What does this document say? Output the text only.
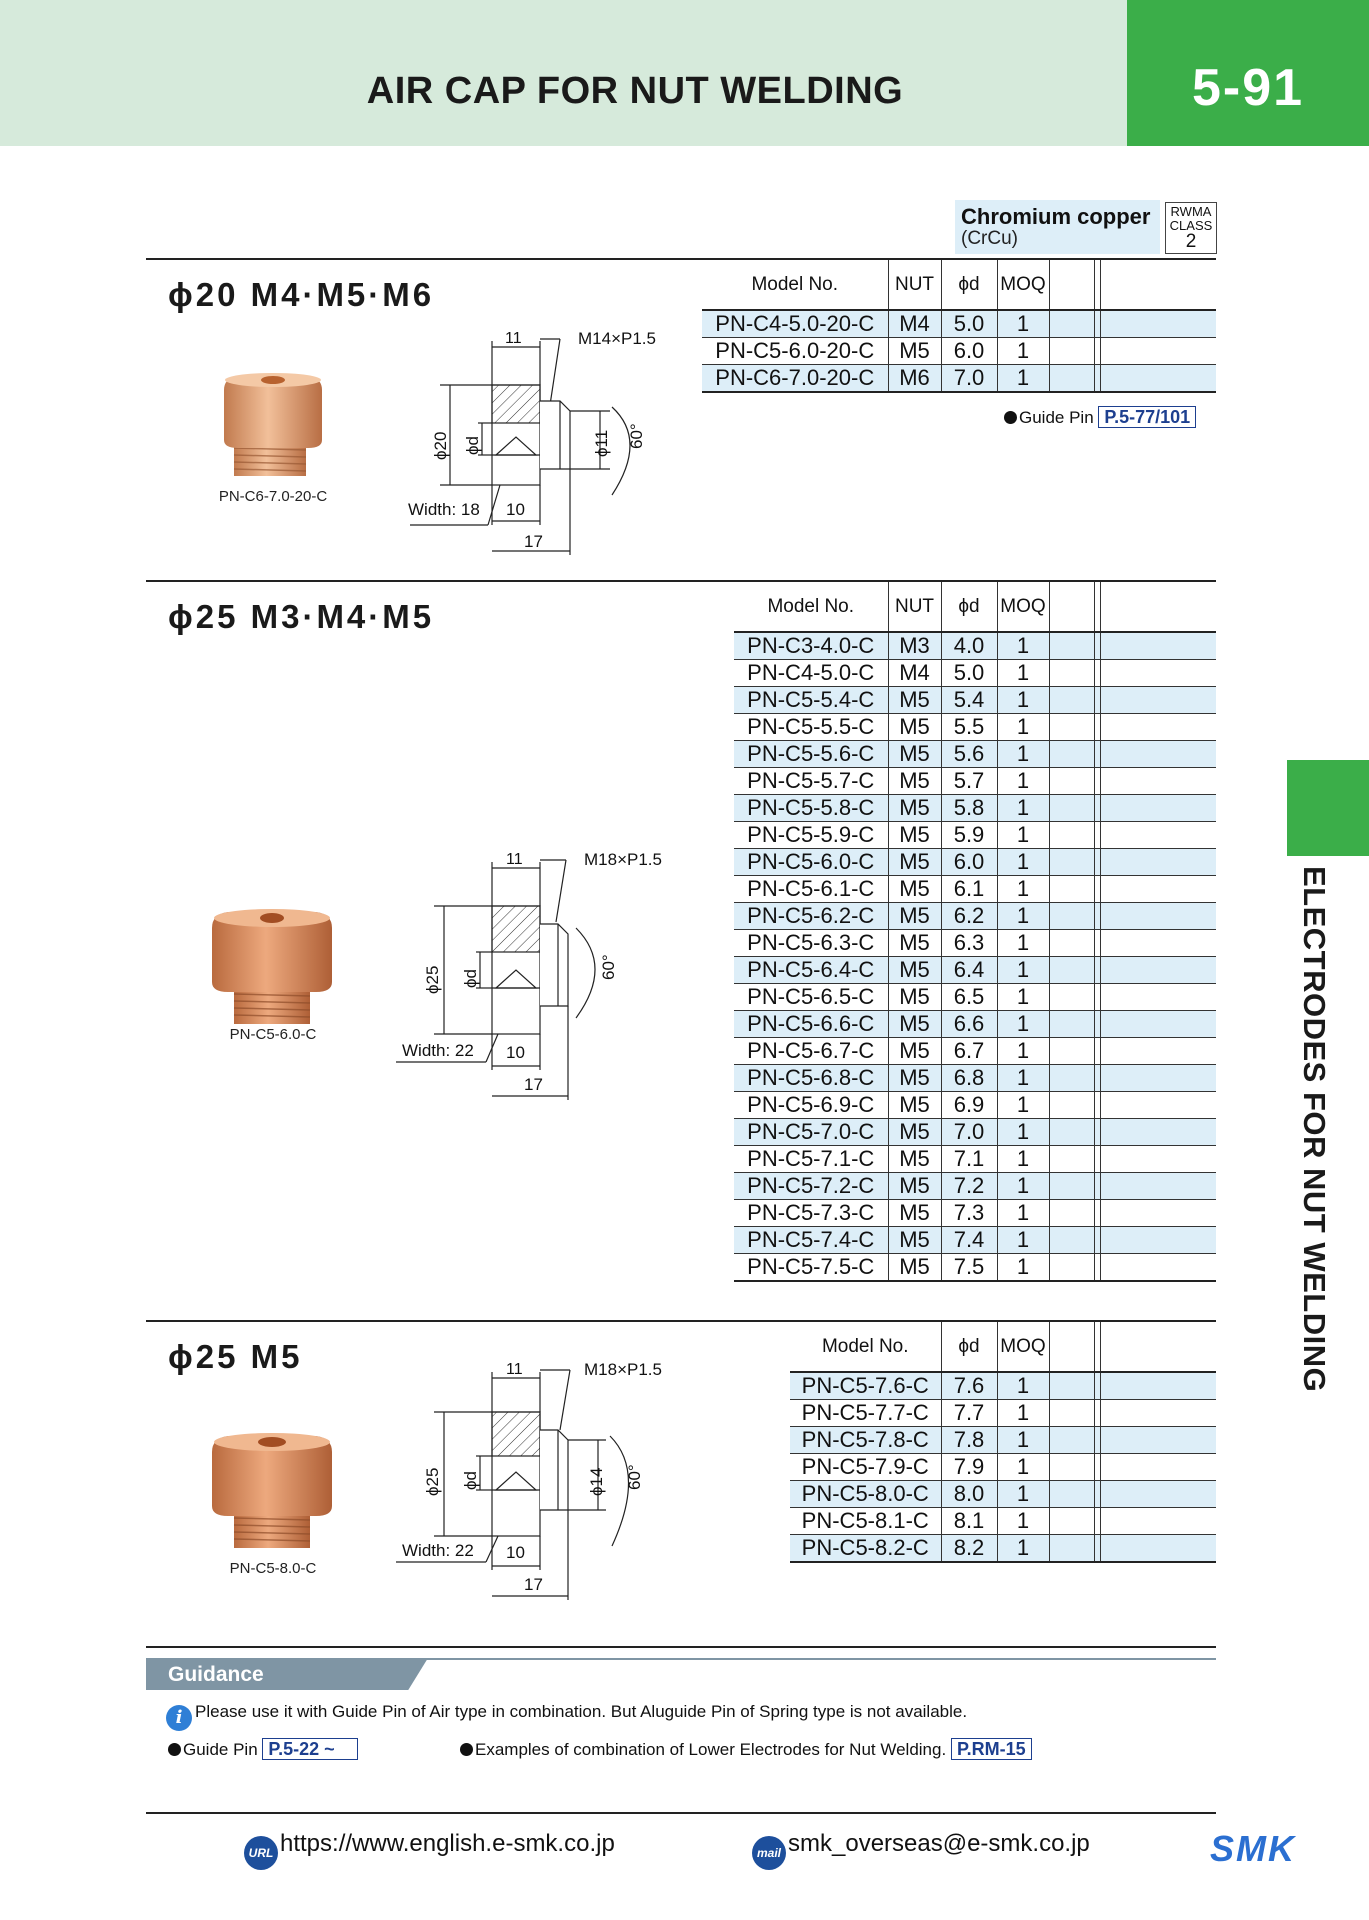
AIR CAP FOR NUT WELDING	5-91
ELECTRODES FOR NUT WELDING
Chromium copper
(CrCu)
RWMA
CLASS
2
ϕ20 M4·M5·M6	Model No.	NUT	ϕd	MOQ			
PN-C4-5.0-20-C	M4	5.0	1			
PN-C5-6.0-20-C	M5	6.0	1			
PN-C6-7.0-20-C	M6	7.0	1			
Guide Pin P.5-77/101
PN-C6-7.0-20-C
11	M14×P1.5
ϕ20 ϕd	ϕ11 60°
Width: 18 10
17
ϕ25 M3·M4·M5	Model No.	NUT	ϕd	MOQ			
PN-C3-4.0-C	M3	4.0	1			
PN-C4-5.0-C	M4	5.0	1			
PN-C5-5.4-C	M5	5.4	1			
PN-C5-5.5-C	M5	5.5	1			
PN-C5-5.6-C	M5	5.6	1			
PN-C5-5.7-C	M5	5.7	1			
PN-C5-5.8-C	M5	5.8	1			
PN-C5-5.9-C	M5	5.9	1			
PN-C5-6.0-C	M5	6.0	1			
PN-C5-6.1-C	M5	6.1	1			
PN-C5-6.2-C	M5	6.2	1			
PN-C5-6.3-C	M5	6.3	1			
PN-C5-6.4-C	M5	6.4	1			
PN-C5-6.5-C	M5	6.5	1			
PN-C5-6.6-C	M5	6.6	1			
PN-C5-6.7-C	M5	6.7	1			
PN-C5-6.8-C	M5	6.8	1			
PN-C5-6.9-C	M5	6.9	1			
PN-C5-7.0-C	M5	7.0	1			
PN-C5-7.1-C	M5	7.1	1			
PN-C5-7.2-C	M5	7.2	1			
PN-C5-7.3-C	M5	7.3	1			
PN-C5-7.4-C	M5	7.4	1			
PN-C5-7.5-C	M5	7.5	1			
PN-C5-6.0-C
11	M18×P1.5
ϕ25 ϕd	60°
Width: 22 10
17
ϕ25 M5	Model No.	ϕd	MOQ			
PN-C5-7.6-C	7.6	1			
PN-C5-7.7-C	7.7	1			
PN-C5-7.8-C	7.8	1			
PN-C5-7.9-C	7.9	1			
PN-C5-8.0-C	8.0	1			
PN-C5-8.1-C	8.1	1			
PN-C5-8.2-C	8.2	1			
PN-C5-8.0-C
11	M18×P1.5
ϕ25 ϕd	ϕ14 60°
Width: 22 10
17
Guidance
i Please use it with Guide Pin of Air type in combination. But Aluguide Pin of Spring type is not available.
Guide Pin P.5-22 ~	Examples of combination of Lower Electrodes for Nut Welding. P.RM-15
URL https://www.english.e-smk.co.jp	mail smk_overseas@e-smk.co.jp	SMK
